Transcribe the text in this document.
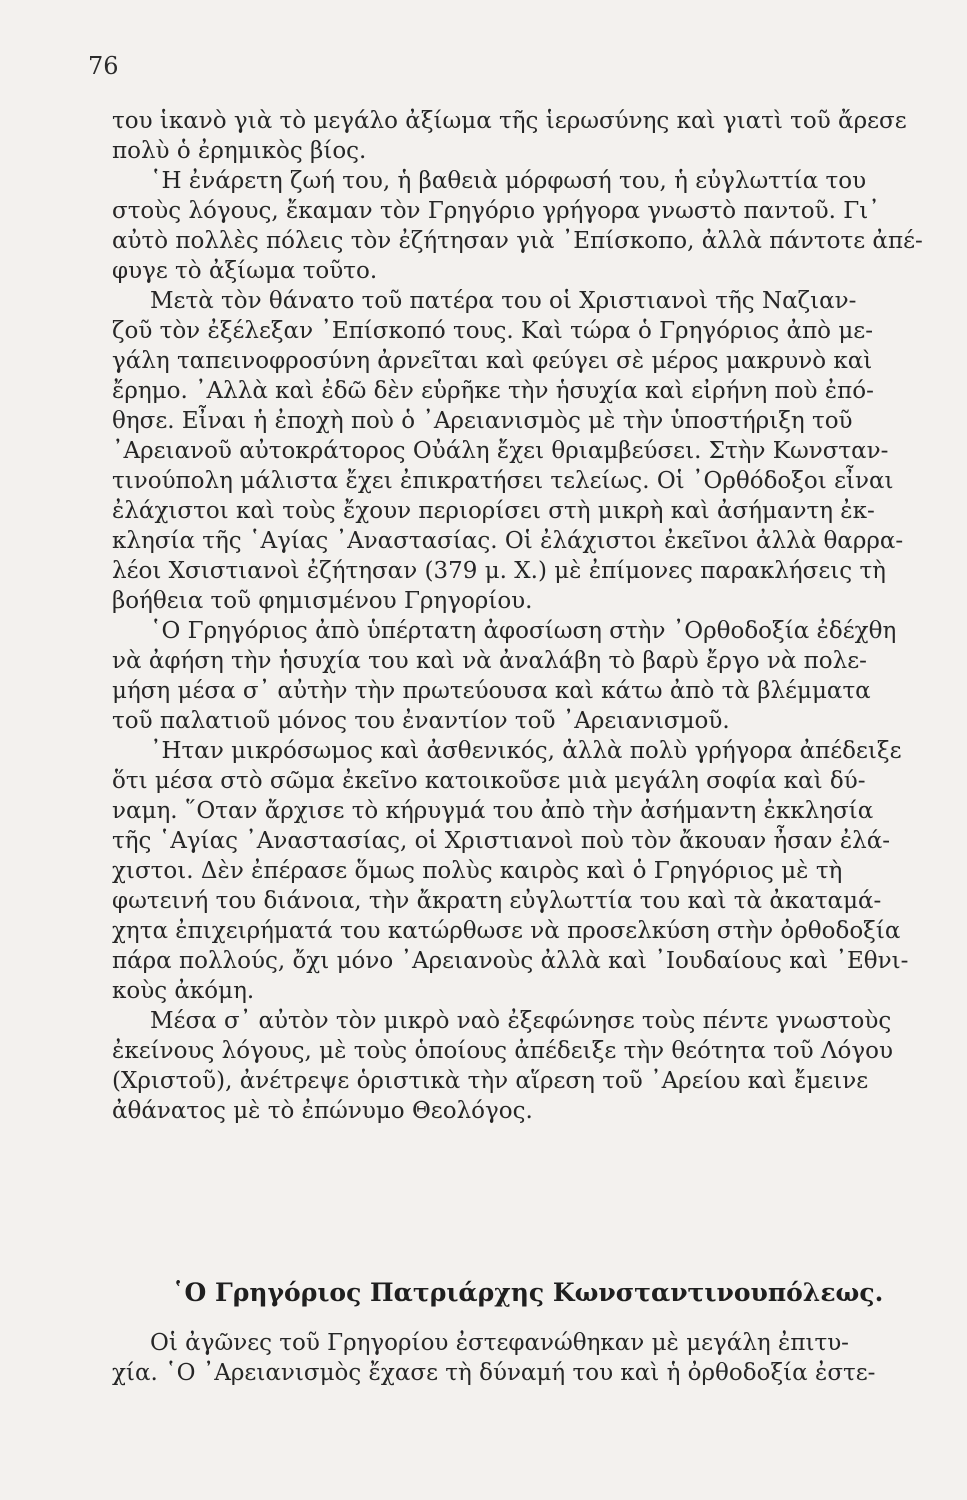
76
του ἱκανὸ γιὰ τὸ μεγάλο ἀξίωμα τῆς ἱερωσύνης καὶ γιατὶ τοῦ ἄρεσε
πολὺ ὁ ἐρημικὸς βίος.
῾Η ἐνάρετη ζωή του, ἡ βαθειὰ μόρφωσή του, ἡ εὐγλωττία του
στοὺς λόγους, ἔκαμαν τὸν Γρηγόριο γρήγορα γνωστὸ παντοῦ. Γι᾽
αὐτὸ πολλὲς πόλεις τὸν ἐζήτησαν γιὰ ᾽Επίσκοπο, ἀλλὰ πάντοτε ἀπέ-
φυγε τὸ ἀξίωμα τοῦτο.
Μετὰ τὸν θάνατο τοῦ πατέρα του οἱ Χριστιανοὶ τῆς Ναζιαν-
ζοῦ τὸν ἐξέλεξαν ᾽Επίσκοπό τους. Καὶ τώρα ὁ Γρηγόριος ἀπὸ με-
γάλη ταπεινοφροσύνη ἀρνεῖται καὶ φεύγει σὲ μέρος μακρυνὸ καὶ
ἔρημο. ᾽Αλλὰ καὶ ἐδῶ δὲν εὑρῆκε τὴν ἡσυχία καὶ εἰρήνη ποὺ ἐπό-
θησε. Εἶναι ἡ ἐποχὴ ποὺ ὁ ᾽Αρειανισμὸς μὲ τὴν ὑποστήριξη τοῦ
᾽Αρειανοῦ αὐτοκράτορος Οὐάλη ἔχει θριαμβεύσει. Στὴν Κωνσταν-
τινούπολη μάλιστα ἔχει ἐπικρατήσει τελείως. Οἱ ᾽Ορθόδοξοι εἶναι
ἐλάχιστοι καὶ τοὺς ἔχουν περιορίσει στὴ μικρὴ καὶ ἀσήμαντη ἐκ-
κλησία τῆς ῾Αγίας ᾽Αναστασίας. Οἱ ἐλάχιστοι ἐκεῖνοι ἀλλὰ θαρρα-
λέοι Χσιστιανοὶ ἐζήτησαν (379 μ. Χ.) μὲ ἐπίμονες παρακλήσεις τὴ
βοήθεια τοῦ φημισμένου Γρηγορίου.
῾Ο Γρηγόριος ἀπὸ ὑπέρτατη ἀφοσίωση στὴν ᾽Ορθοδοξία ἐδέχθη
νὰ ἀφήση τὴν ἡσυχία του καὶ νὰ ἀναλάβη τὸ βαρὺ ἔργο νὰ πολε-
μήση μέσα σ᾽ αὐτὴν τὴν πρωτεύουσα καὶ κάτω ἀπὸ τὰ βλέμματα
τοῦ παλατιοῦ μόνος του ἐναντίον τοῦ ᾽Αρειανισμοῦ.
᾽Ηταν μικρόσωμος καὶ ἀσθενικός, ἀλλὰ πολὺ γρήγορα ἀπέδειξε
ὅτι μέσα στὸ σῶμα ἐκεῖνο κατοικοῦσε μιὰ μεγάλη σοφία καὶ δύ-
ναμη. ῞Οταν ἄρχισε τὸ κήρυγμά του ἀπὸ τὴν ἀσήμαντη ἐκκλησία
τῆς ῾Αγίας ᾽Αναστασίας, οἱ Χριστιανοὶ ποὺ τὸν ἄκουαν ἦσαν ἐλά-
χιστοι. Δὲν ἐπέρασε ὅμως πολὺς καιρὸς καὶ ὁ Γρηγόριος μὲ τὴ
φωτεινή του διάνοια, τὴν ἄκρατη εὐγλωττία του καὶ τὰ ἀκαταμά-
χητα ἐπιχειρήματά του κατώρθωσε νὰ προσελκύση στὴν ὀρθοδοξία
πάρα πολλούς, ὄχι μόνο ᾽Αρειανοὺς ἀλλὰ καὶ ᾽Ιουδαίους καὶ ᾽Εθνι-
κοὺς ἀκόμη.
Μέσα σ᾽ αὐτὸν τὸν μικρὸ ναὸ ἐξεφώνησε τοὺς πέντε γνωστοὺς
ἐκείνους λόγους, μὲ τοὺς ὁποίους ἀπέδειξε τὴν θεότητα τοῦ Λόγου
(Χριστοῦ), ἀνέτρεψε ὁριστικὰ τὴν αἵρεση τοῦ ᾽Αρείου καὶ ἔμεινε
ἀθάνατος μὲ τὸ ἐπώνυμο Θεολόγος.
῾Ο Γρηγόριος Πατριάρχης Κωνσταντινουπόλεως.
Οἱ ἀγῶνες τοῦ Γρηγορίου ἐστεφανώθηκαν μὲ μεγάλη ἐπιτυ-
χία. ῾Ο ᾽Αρειανισμὸς ἔχασε τὴ δύναμή του καὶ ἡ ὀρθοδοξία ἐστε-
